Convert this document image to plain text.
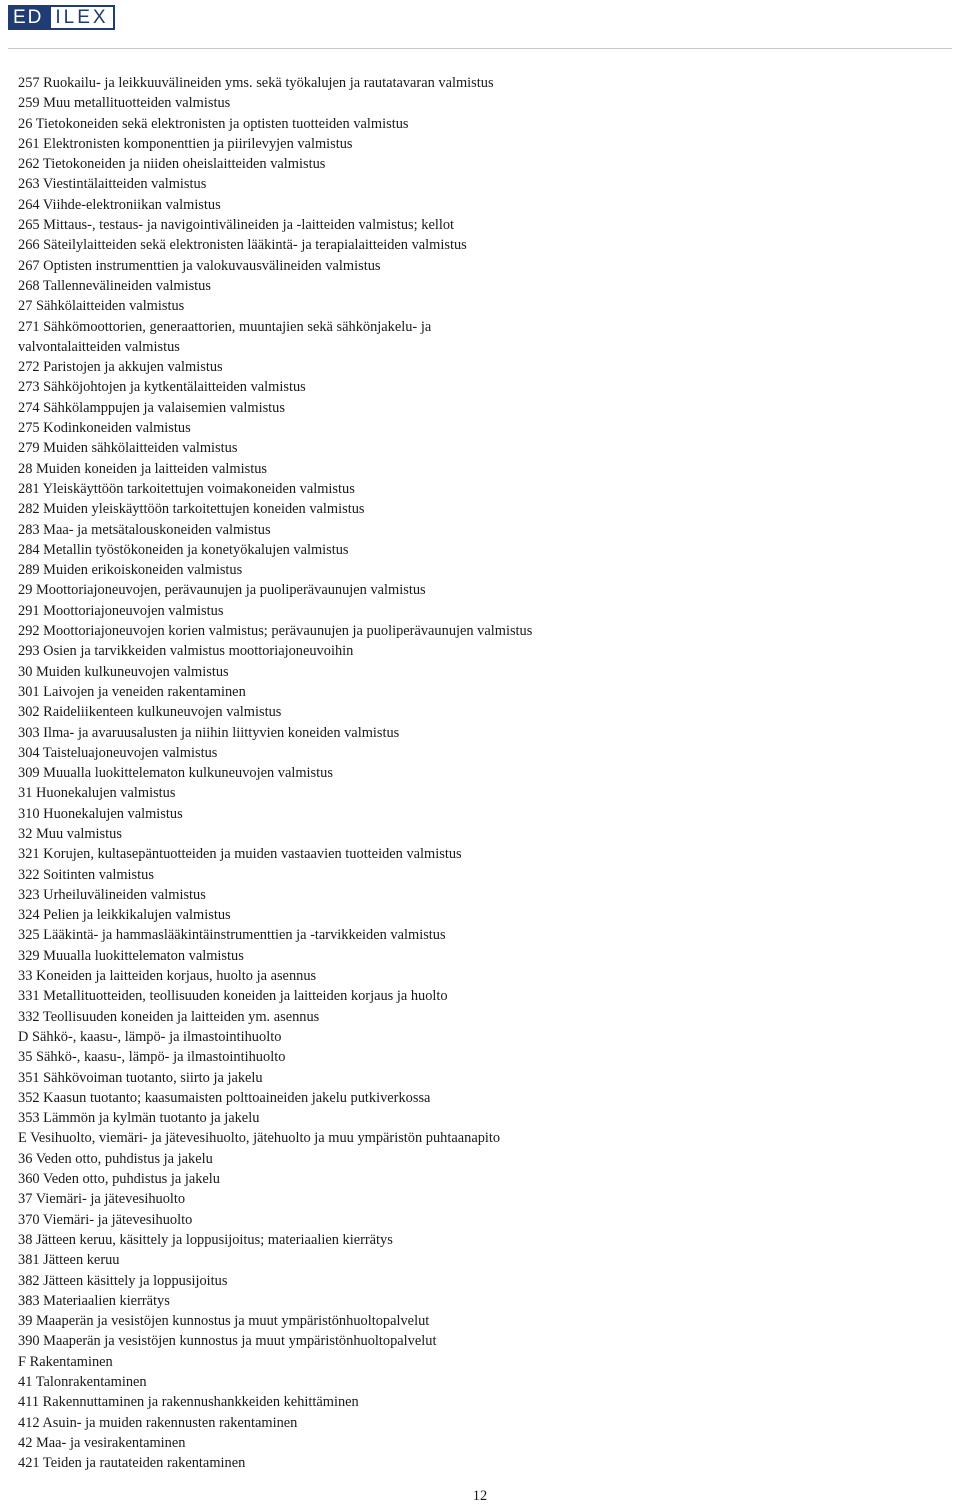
ED ILEX
257 Ruokailu- ja leikkuuvälineiden yms. sekä työkalujen ja rautatavaran valmistus
259 Muu metallituotteiden valmistus
26 Tietokoneiden sekä elektronisten ja optisten tuotteiden valmistus
261 Elektronisten komponenttien ja piirilevyjen valmistus
262 Tietokoneiden ja niiden oheislaitteiden valmistus
263 Viestintälaitteiden valmistus
264 Viihde-elektroniikan valmistus
265 Mittaus-, testaus- ja navigointivälineiden ja -laitteiden valmistus; kellot
266 Säteilylaitteiden sekä elektronisten lääkintä- ja terapialaitteiden valmistus
267 Optisten instrumenttien ja valokuvausvälineiden valmistus
268 Tallennevälineiden valmistus
27 Sähkölaitteiden valmistus
271 Sähkömoottorien, generaattorien, muuntajien sekä sähkönjakelu- ja
valvontalaitteiden valmistus
272 Paristojen ja akkujen valmistus
273 Sähköjohtojen ja kytkentälaitteiden valmistus
274 Sähkölamppujen ja valaisemien valmistus
275 Kodinkoneiden valmistus
279 Muiden sähkölaitteiden valmistus
28 Muiden koneiden ja laitteiden valmistus
281 Yleiskäyttöön tarkoitettujen voimakoneiden valmistus
282 Muiden yleiskäyttöön tarkoitettujen koneiden valmistus
283 Maa- ja metsätalouskoneiden valmistus
284 Metallin työstökoneiden ja konetyökalujen valmistus
289 Muiden erikoiskoneiden valmistus
29 Moottoriajoneuvojen, perävaunujen ja puoliperävaunujen valmistus
291 Moottoriajoneuvojen valmistus
292 Moottoriajoneuvojen korien valmistus; perävaunujen ja puoliperävaunujen valmistus
293 Osien ja tarvikkeiden valmistus moottoriajoneuvoihin
30 Muiden kulkuneuvojen valmistus
301 Laivojen ja veneiden rakentaminen
302 Raideliikenteen kulkuneuvojen valmistus
303 Ilma- ja avaruusalusten ja niihin liittyvien koneiden valmistus
304 Taisteluajoneuvojen valmistus
309 Muualla luokittelematon kulkuneuvojen valmistus
31 Huonekalujen valmistus
310 Huonekalujen valmistus
32 Muu valmistus
321 Korujen, kultasepäntuotteiden ja muiden vastaavien tuotteiden valmistus
322 Soitinten valmistus
323 Urheiluvälineiden valmistus
324 Pelien ja leikkikalujen valmistus
325 Lääkintä- ja hammaslääkintäinstrumenttien ja -tarvikkeiden valmistus
329 Muualla luokittelematon valmistus
33 Koneiden ja laitteiden korjaus, huolto ja asennus
331 Metallituotteiden, teollisuuden koneiden ja laitteiden korjaus ja huolto
332 Teollisuuden koneiden ja laitteiden ym. asennus
D Sähkö-, kaasu-, lämpö- ja ilmastointihuolto
35 Sähkö-, kaasu-, lämpö- ja ilmastointihuolto
351 Sähkövoiman tuotanto, siirto ja jakelu
352 Kaasun tuotanto; kaasumaisten polttoaineiden jakelu putkiverkossa
353 Lämmön ja kylmän tuotanto ja jakelu
E Vesihuolto, viemäri- ja jätevesihuolto, jätehuolto ja muu ympäristön puhtaanapito
36 Veden otto, puhdistus ja jakelu
360 Veden otto, puhdistus ja jakelu
37 Viemäri- ja jätevesihuolto
370 Viemäri- ja jätevesihuolto
38 Jätteen keruu, käsittely ja loppusijoitus; materiaalien kierrätys
381 Jätteen keruu
382 Jätteen käsittely ja loppusijoitus
383 Materiaalien kierrätys
39 Maaperän ja vesistöjen kunnostus ja muut ympäristönhuoltopalvelut
390 Maaperän ja vesistöjen kunnostus ja muut ympäristönhuoltopalvelut
F Rakentaminen
41 Talonrakentaminen
411 Rakennuttaminen ja rakennushankkeiden kehittäminen
412 Asuin- ja muiden rakennusten rakentaminen
42 Maa- ja vesirakentaminen
421 Teiden ja rautateiden rakentaminen
12
